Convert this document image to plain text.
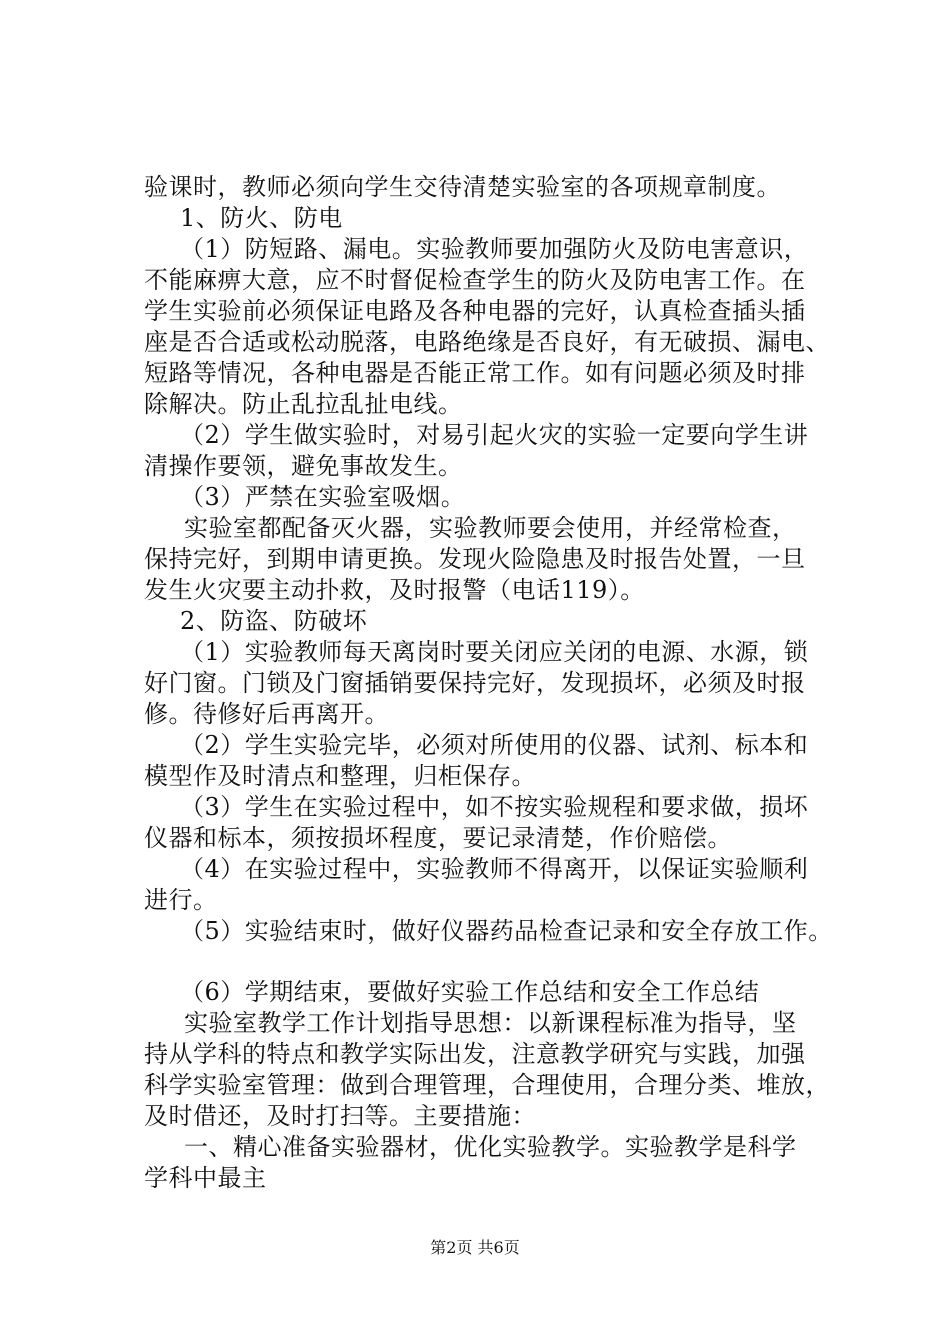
验课时，教师必须向学生交待清楚实验室的各项规章制度。
1、防火、防电
（1）防短路、漏电。实验教师要加强防火及防电害意识，
不能麻痹大意，应不时督促检查学生的防火及防电害工作。在
学生实验前必须保证电路及各种电器的完好，认真检查插头插
座是否合适或松动脱落，电路绝缘是否良好，有无破损、漏电、
短路等情况，各种电器是否能正常工作。如有问题必须及时排
除解决。防止乱拉乱扯电线。
（2）学生做实验时，对易引起火灾的实验一定要向学生讲
清操作要领，避免事故发生。
（3）严禁在实验室吸烟。
实验室都配备灭火器，实验教师要会使用，并经常检查，
保持完好，到期申请更换。发现火险隐患及时报告处置，一旦
发生火灾要主动扑救，及时报警（电话119）。
2、防盗、防破坏
（1）实验教师每天离岗时要关闭应关闭的电源、水源，锁
好门窗。门锁及门窗插销要保持完好，发现损坏，必须及时报
修。待修好后再离开。
（2）学生实验完毕，必须对所使用的仪器、试剂、标本和
模型作及时清点和整理，归柜保存。
（3）学生在实验过程中，如不按实验规程和要求做，损坏
仪器和标本，须按损坏程度，要记录清楚，作价赔偿。
（4）在实验过程中，实验教师不得离开，以保证实验顺利
进行。
（5）实验结束时，做好仪器药品检查记录和安全存放工作。
（6）学期结束，要做好实验工作总结和安全工作总结
实验室教学工作计划指导思想：以新课程标准为指导，坚
持从学科的特点和教学实际出发，注意教学研究与实践，加强
科学实验室管理：做到合理管理，合理使用，合理分类、堆放，
及时借还，及时打扫等。主要措施：
一、精心准备实验器材，优化实验教学。实验教学是科学
学科中最主
第2页 共6页
